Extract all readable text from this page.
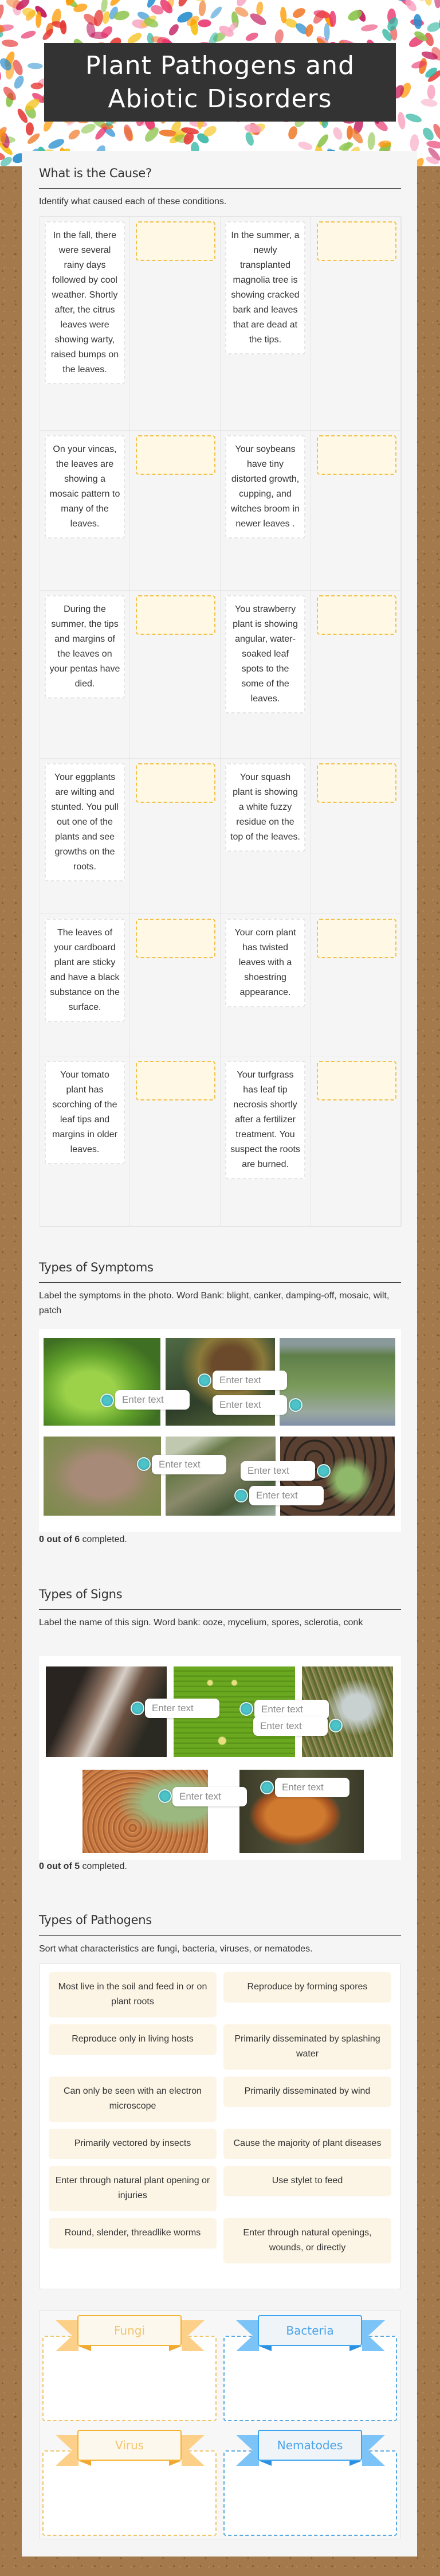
Plant Pathogens and
Abiotic Disorders
What is the Cause?

Identify what caused each of these conditions.

In the fall, there were several rainy days followed by cool weather. Shortly after, the citrus leaves were showing warty, raised bumps on the leaves.
In the summer, a newly transplanted magnolia tree is showing cracked bark and leaves that are dead at the tips.
On your vincas, the leaves are showing a mosaic pattern to many of the leaves.
Your soybeans have tiny distorted growth, cupping, and witches broom in newer leaves .
During the summer, the tips and margins of the leaves on your pentas have died.
You strawberry plant is showing angular, water-soaked leaf spots to the some of the leaves.
Your eggplants are wilting and stunted. You pull out one of the plants and see growths on the roots.
Your squash plant is showing a white fuzzy residue on the top of the leaves.
The leaves of your cardboard plant are sticky and have a black substance on the surface.
Your corn plant has twisted leaves with a shoestring appearance.
Your tomato plant has scorching of the leaf tips and margins in older leaves.
Your turfgrass has leaf tip necrosis shortly after a fertilizer treatment. You suspect the roots are burned.
Types of Symptoms

Label the symptoms in the photo. Word Bank: blight, canker, damping-off, mosaic, wilt, patch

Enter text
Enter text
Enter text
Enter text
Enter text
Enter text

0 out of 6 completed.

Types of Signs

Label the name of this sign. Word bank: ooze, mycelium, spores, sclerotia, conk

Enter text
Enter text
Enter text
Enter text
Enter text

0 out of 5 completed.

Types of Pathogens

Sort what characteristics are fungi, bacteria, viruses, or nematodes.

Most live in the soil and feed in or on plant roots
Reproduce by forming spores
Reproduce only in living hosts	Primarily disseminated by splashing water
Can only be seen with an electron microscope
Primarily disseminated by wind
Primarily vectored by insects	Cause the majority of plant diseases
Enter through natural plant opening or injuries
Use stylet to feed
Round, slender, threadlike worms	Enter through natural openings, wounds, or directly
Fungi	Bacteria
Virus	Nematodes
